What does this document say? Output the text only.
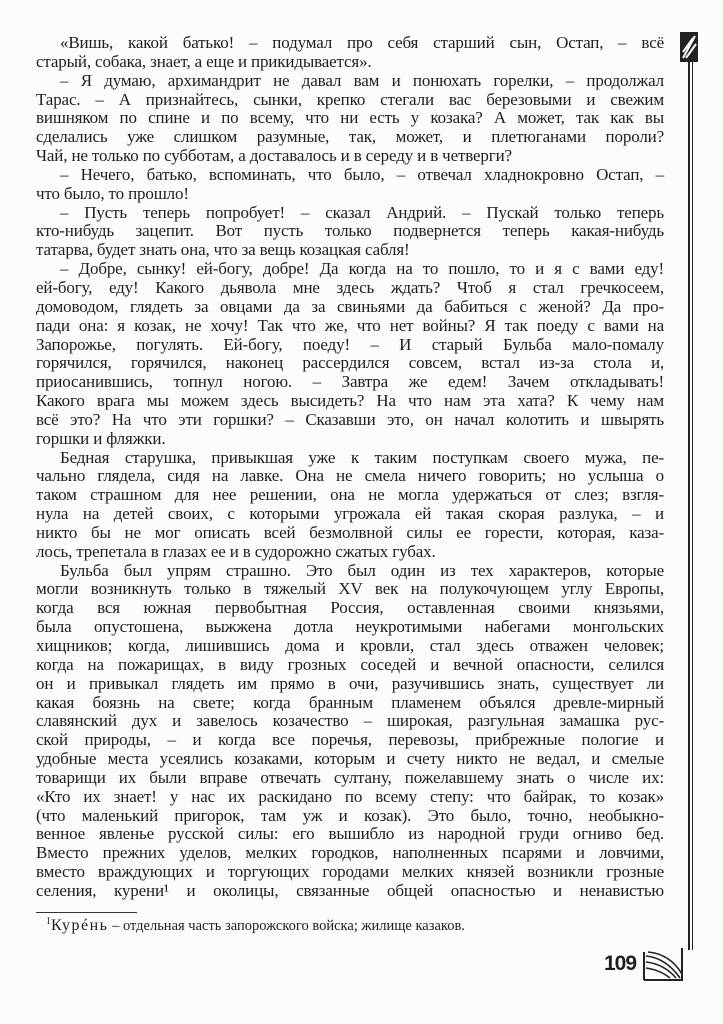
«Вишь, какой батько! – подумал про себя старший сын, Остап, – всё
старый, собака, знает, а еще и прикидывается».
– Я думаю, архимандрит не давал вам и понюхать горелки, – продолжал
Тарас. – А признайтесь, сынки, крепко стегали вас березовыми и свежим
вишняком по спине и по всему, что ни есть у козака? А может, так как вы
сделались уже слишком разумные, так, может, и плетюганами пороли?
Чай, не только по субботам, а доставалось и в середу и в четверги?
– Нечего, батько, вспоминать, что было, – отвечал хладнокровно Остап, –
что было, то прошло!
– Пусть теперь попробует! – сказал Андрий. – Пускай только теперь
кто-нибудь зацепит. Вот пусть только подвернется теперь какая-нибудь
татарва, будет знать она, что за вещь козацкая сабля!
– Добре, сынку! ей-богу, добре! Да когда на то пошло, то и я с вами еду!
ей-богу, еду! Какого дьявола мне здесь ждать? Чтоб я стал гречкосеем,
домоводом, глядеть за овцами да за свиньями да бабиться с женой? Да про-
пади она: я козак, не хочу! Так что же, что нет войны? Я так поеду с вами на
Запорожье, погулять. Ей-богу, поеду! – И старый Бульба мало-помалу
горячился, горячился, наконец рассердился совсем, встал из-за стола и,
приосанившись, топнул ногою. – Завтра же едем! Зачем откладывать!
Какого врага мы можем здесь высидеть? На что нам эта хата? К чему нам
всё это? На что эти горшки? – Сказавши это, он начал колотить и швырять
горшки и фляжки.
Бедная старушка, привыкшая уже к таким поступкам своего мужа, пе-
чально глядела, сидя на лавке. Она не смела ничего говорить; но услыша о
таком страшном для нее решении, она не могла удержаться от слез; взгля-
нула на детей своих, с которыми угрожала ей такая скорая разлука, – и
никто бы не мог описать всей безмолвной силы ее горести, которая, каза-
лось, трепетала в глазах ее и в судорожно сжатых губах.
Бульба был упрям страшно. Это был один из тех характеров, которые
могли возникнуть только в тяжелый XV век на полукочующем углу Европы,
когда вся южная первобытная Россия, оставленная своими князьями,
была опустошена, выжжена дотла неукротимыми набегами монгольских
хищников; когда, лишившись дома и кровли, стал здесь отважен человек;
когда на пожарищах, в виду грозных соседей и вечной опасности, селился
он и привыкал глядеть им прямо в очи, разучившись знать, существует ли
какая боязнь на свете; когда бранным пламенем объялся древле-мирный
славянский дух и завелось козачество – широкая, разгульная замашка рус-
ской природы, – и когда все поречья, перевозы, прибрежные пологие и
удобные места усеялись козаками, которым и счету никто не ведал, и смелые
товарищи их были вправе отвечать султану, пожелавшему знать о числе их:
«Кто их знает! у нас их раскидано по всему степу: что байрак, то козак»
(что маленький пригорок, там уж и козак). Это было, точно, необыкно-
венное явленье русской силы: его вышибло из народной груди огниво бед.
Вместо прежних уделов, мелких городков, наполненных псарями и ловчими,
вместо враждующих и торгующих городами мелких князей возникли грозные
селения, курени¹ и околицы, связанные общей опасностью и ненавистью
$^1$Курéнь – отдельная часть запорожского войска; жилище казаков.
109
